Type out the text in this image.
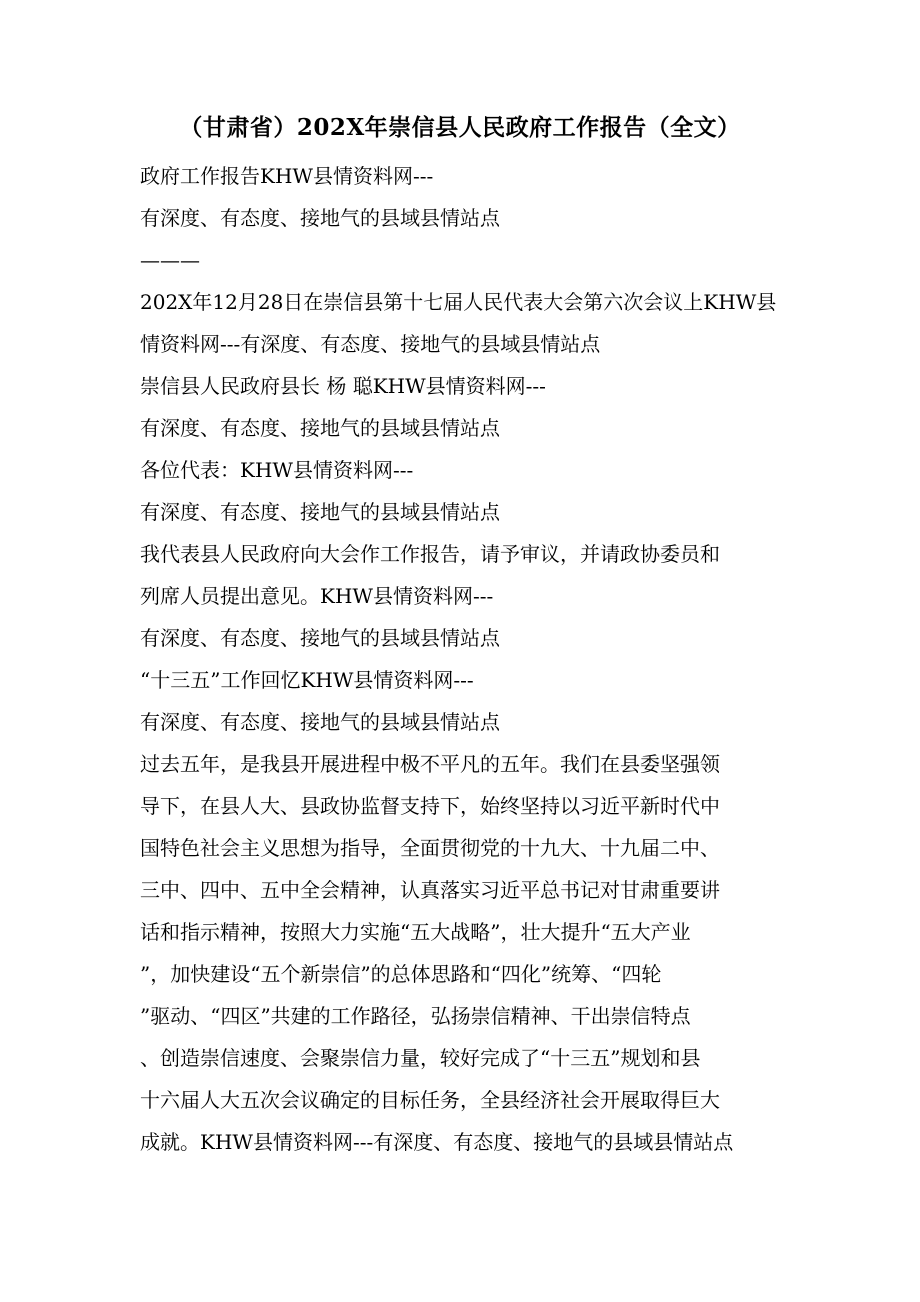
（甘肃省）202X年崇信县人民政府工作报告（全文）
政府工作报告KHW县情资料网---
有深度、有态度、接地气的县域县情站点
———
202X年12月28日在崇信县第十七届人民代表大会第六次会议上KHW县
情资料网---有深度、有态度、接地气的县域县情站点
崇信县人民政府县长 杨 聪KHW县情资料网---
有深度、有态度、接地气的县域县情站点
各位代表：KHW县情资料网---
有深度、有态度、接地气的县域县情站点
我代表县人民政府向大会作工作报告，请予审议，并请政协委员和
列席人员提出意见。KHW县情资料网---
有深度、有态度、接地气的县域县情站点
“十三五”工作回忆KHW县情资料网---
有深度、有态度、接地气的县域县情站点
过去五年，是我县开展进程中极不平凡的五年。我们在县委坚强领
导下，在县人大、县政协监督支持下，始终坚持以习近平新时代中
国特色社会主义思想为指导，全面贯彻党的十九大、十九届二中、
三中、四中、五中全会精神，认真落实习近平总书记对甘肃重要讲
话和指示精神，按照大力实施“五大战略”，壮大提升“五大产业
”，加快建设“五个新崇信”的总体思路和“四化”统筹、“四轮
”驱动、“四区”共建的工作路径，弘扬崇信精神、干出崇信特点
、创造崇信速度、会聚崇信力量，较好完成了“十三五”规划和县
十六届人大五次会议确定的目标任务，全县经济社会开展取得巨大
成就。KHW县情资料网---有深度、有态度、接地气的县域县情站点
